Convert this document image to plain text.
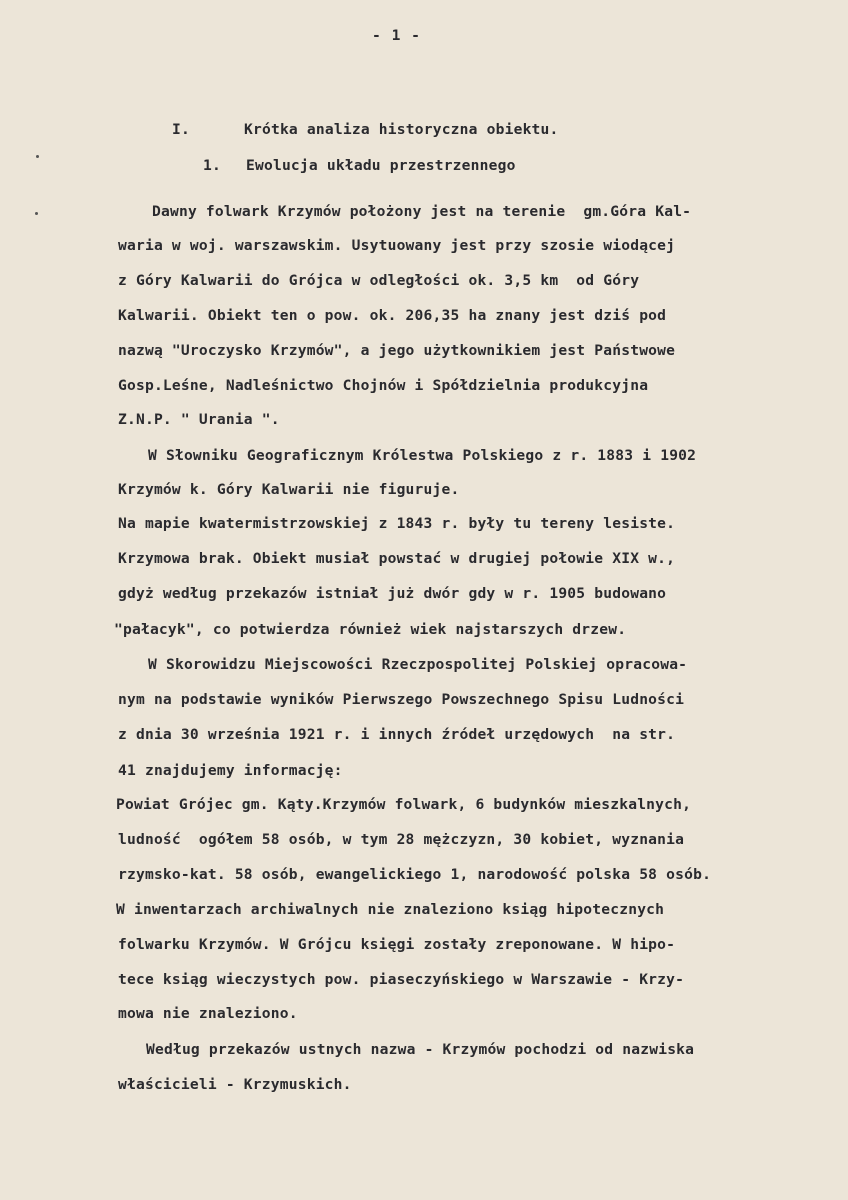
- 1 -
I.	Krótka analiza historyczna obiektu.
1. Ewolucja układu przestrzennego
Dawny folwark Krzymów położony jest na terenie  gm.Góra Kal-
waria w woj. warszawskim. Usytuowany jest przy szosie wiodącej
z Góry Kalwarii do Grójca w odległości ok. 3,5 km  od Góry
Kalwarii. Obiekt ten o pow. ok. 206,35 ha znany jest dziś pod
nazwą "Uroczysko Krzymów", a jego użytkownikiem jest Państwowe
Gosp.Leśne, Nadleśnictwo Chojnów i Spółdzielnia produkcyjna
Z.N.P. " Urania ".
W Słowniku Geograficznym Królestwa Polskiego z r. 1883 i 1902
Krzymów k. Góry Kalwarii nie figuruje.
Na mapie kwatermistrzowskiej z 1843 r. były tu tereny lesiste.
Krzymowa brak. Obiekt musiał powstać w drugiej połowie XIX w.,
gdyż według przekazów istniał już dwór gdy w r. 1905 budowano
"pałacyk", co potwierdza również wiek najstarszych drzew.
W Skorowidzu Miejscowości Rzeczpospolitej Polskiej opracowa-
nym na podstawie wyników Pierwszego Powszechnego Spisu Ludności
z dnia 30 września 1921 r. i innych źródeł urzędowych  na str.
41 znajdujemy informację:
Powiat Grójec gm. Kąty.Krzymów folwark, 6 budynków mieszkalnych,
ludność  ogółem 58 osób, w tym 28 mężczyzn, 30 kobiet, wyznania
rzymsko-kat. 58 osób, ewangelickiego 1, narodowość polska 58 osób.
W inwentarzach archiwalnych nie znaleziono ksiąg hipotecznych
folwarku Krzymów. W Grójcu księgi zostały zreponowane. W hipo-
tece ksiąg wieczystych pow. piaseczyńskiego w Warszawie - Krzy-
mowa nie znaleziono.
Według przekazów ustnych nazwa - Krzymów pochodzi od nazwiska
właścicieli - Krzymuskich.
